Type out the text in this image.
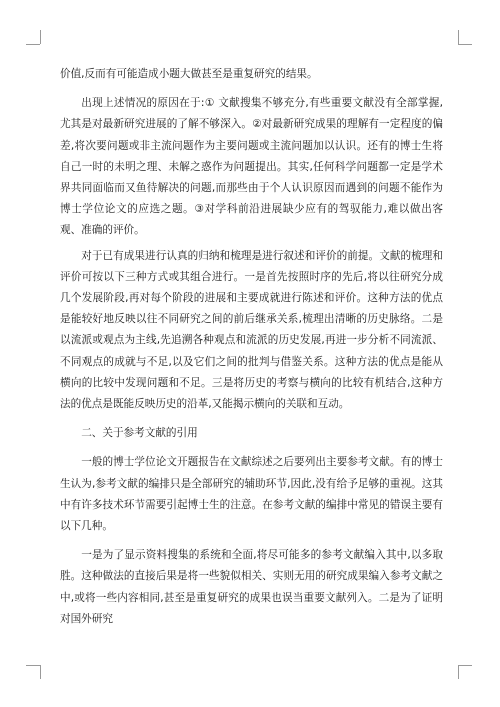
价值,反而有可能造成小题大做甚至是重复研究的结果。

出现上述情况的原因在于:① 文献搜集不够充分,有些重要文献没有全部掌握,尤其是对最新研究进展的了解不够深入。②对最新研究成果的理解有一定程度的偏差,将次要问题或非主流问题作为主要问题或主流问题加以认识。还有的博士生将自己一时的未明之理、未解之惑作为问题提出。其实,任何科学问题都一定是学术界共同面临而又鱼待解决的问题,而那些由于个人认识原因而遇到的问题不能作为博士学位论文的应选之题。③对学科前沿进展缺少应有的驾驭能力,难以做出客观、准确的评价。

对于已有成果进行认真的归纳和梳理是进行叙述和评价的前提。文献的梳理和评价可按以下三种方式或其组合进行。一是首先按照时序的先后,将以往研究分成几个发展阶段,再对每个阶段的进展和主要成就进行陈述和评价。这种方法的优点是能较好地反映以往不同研究之间的前后继承关系,梳理出清晰的历史脉络。二是以流派或观点为主线,先追溯各种观点和流派的历史发展,再进一步分析不同流派、不同观点的成就与不足,以及它们之间的批判与借鉴关系。这种方法的优点是能从横向的比较中发现问题和不足。三是将历史的考察与横向的比较有机结合,这种方法的优点是既能反映历史的沿革,又能揭示横向的关联和互动。

二、关于参考文献的引用

一般的博士学位论文开题报告在文献综述之后要列出主要参考文献。有的博士生认为,参考文献的编排只是全部研究的辅助环节,因此,没有给予足够的重视。这其中有许多技术环节需要引起博士生的注意。在参考文献的编排中常见的错误主要有以下几种。

一是为了显示资料搜集的系统和全面,将尽可能多的参考文献编入其中,以多取胜。这种做法的直接后果是将一些貌似相关、实则无用的研究成果编入参考文献之中,或将一些内容相同,甚至是重复研究的成果也误当重要文献列入。二是为了证明对国外研究
